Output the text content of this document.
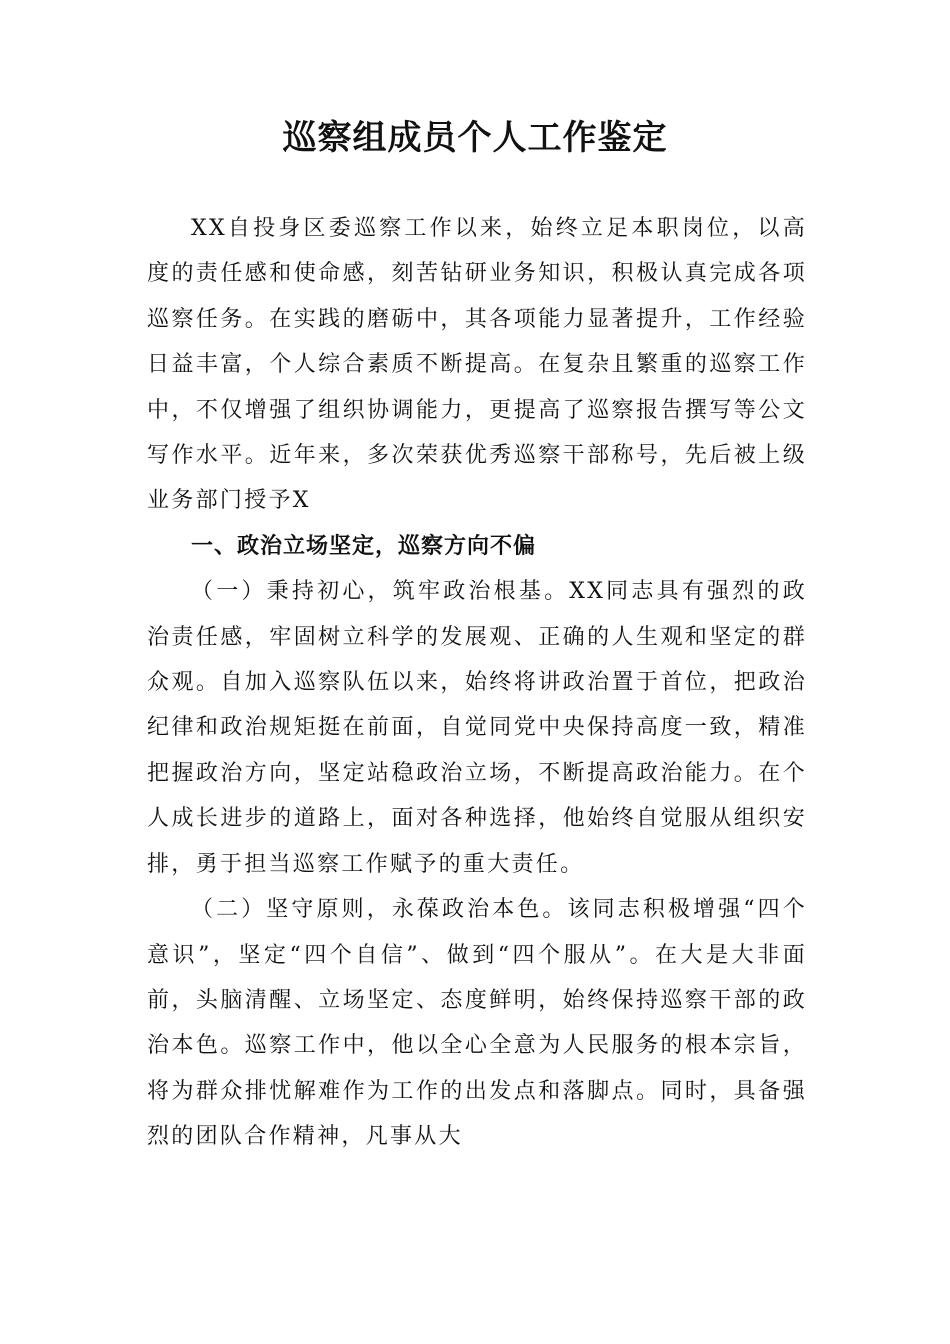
巡察组成员个人工作鉴定

XX自投身区委巡察工作以来，始终立足本职岗位，以高度的责任感和使命感，刻苦钻研业务知识，积极认真完成各项巡察任务。在实践的磨砺中，其各项能力显著提升，工作经验日益丰富，个人综合素质不断提高。在复杂且繁重的巡察工作中，不仅增强了组织协调能力，更提高了巡察报告撰写等公文写作水平。近年来，多次荣获优秀巡察干部称号，先后被上级业务部门授予X

一、政治立场坚定，巡察方向不偏

（一）秉持初心，筑牢政治根基。XX同志具有强烈的政治责任感，牢固树立科学的发展观、正确的人生观和坚定的群众观。自加入巡察队伍以来，始终将讲政治置于首位，把政治纪律和政治规矩挺在前面，自觉同党中央保持高度一致，精准把握政治方向，坚定站稳政治立场，不断提高政治能力。在个人成长进步的道路上，面对各种选择，他始终自觉服从组织安排，勇于担当巡察工作赋予的重大责任。

（二）坚守原则，永葆政治本色。该同志积极增强“四个意识”，坚定“四个自信”、做到“四个服从”。在大是大非面前，头脑清醒、立场坚定、态度鲜明，始终保持巡察干部的政治本色。巡察工作中，他以全心全意为人民服务的根本宗旨，将为群众排忧解难作为工作的出发点和落脚点。同时，具备强烈的团队合作精神，凡事从大
